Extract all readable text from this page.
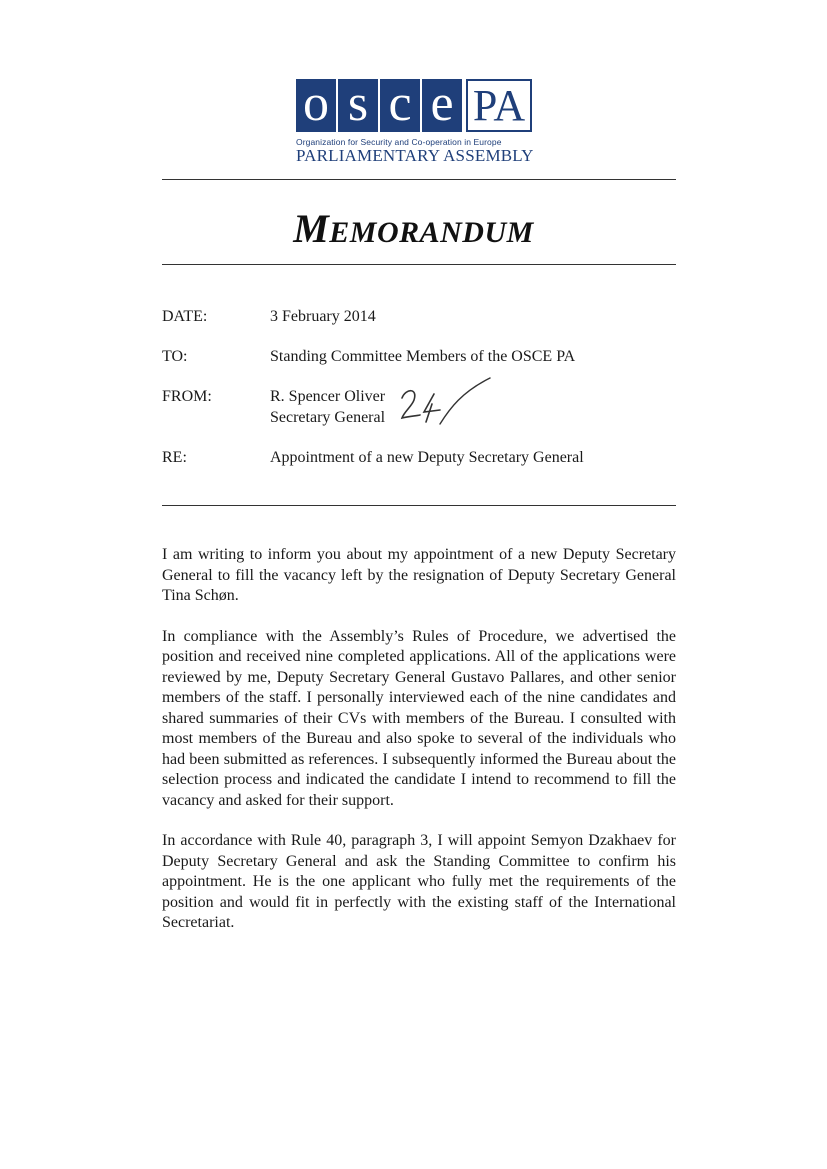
o s c e PA
Organization for Security and Co-operation in Europe
PARLIAMENTARY ASSEMBLY
MEMORANDUM
DATE:	3 February 2014
TO:	Standing Committee Members of the OSCE PA
FROM:	R. Spencer Oliver
Secretary General
RE:	Appointment of a new Deputy Secretary General

I am writing to inform you about my appointment of a new Deputy Secretary General to fill the vacancy left by the resignation of Deputy Secretary General Tina Schøn.

In compliance with the Assembly’s Rules of Procedure, we advertised the position and received nine completed applications. All of the applications were reviewed by me, Deputy Secretary General Gustavo Pallares, and other senior members of the staff. I personally interviewed each of the nine candidates and shared summaries of their CVs with members of the Bureau. I consulted with most members of the Bureau and also spoke to several of the individuals who had been submitted as references. I subsequently informed the Bureau about the selection process and indicated the candidate I intend to recommend to fill the vacancy and asked for their support.

In accordance with Rule 40, paragraph 3, I will appoint Semyon Dzakhaev for Deputy Secretary General and ask the Standing Committee to confirm his appointment. He is the one applicant who fully met the requirements of the position and would fit in perfectly with the existing staff of the International Secretariat.
